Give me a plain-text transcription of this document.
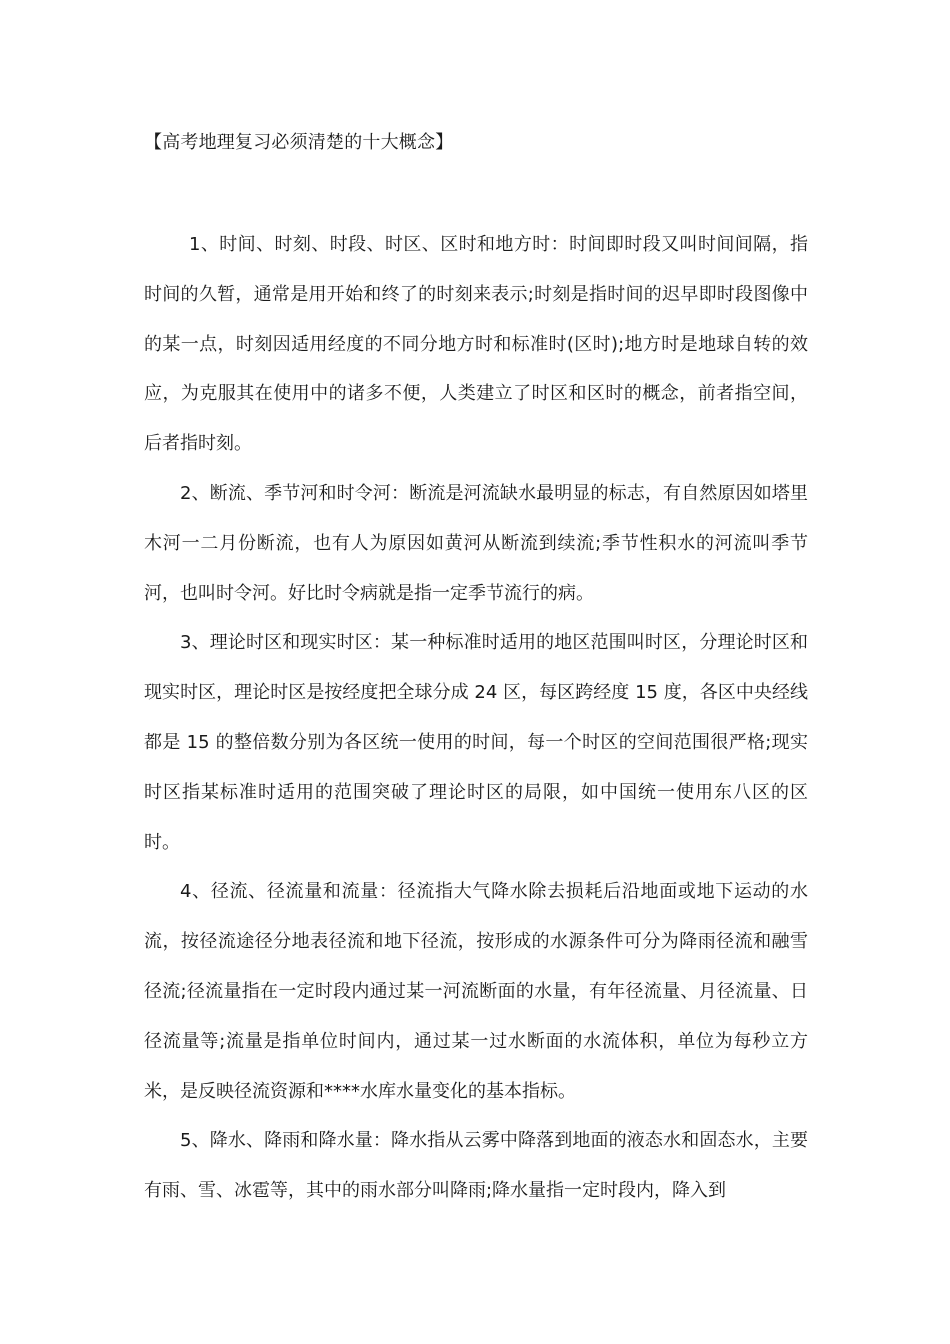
【高考地理复习必须清楚的十大概念】

1、时间、时刻、时段、时区、区时和地方时：时间即时段又叫时间间隔，指时间的久暂，通常是用开始和终了的时刻来表示;时刻是指时间的迟早即时段图像中的某一点，时刻因适用经度的不同分地方时和标准时(区时);地方时是地球自转的效应，为克服其在使用中的诸多不便，人类建立了时区和区时的概念，前者指空间，后者指时刻。

2、断流、季节河和时令河：断流是河流缺水最明显的标志，有自然原因如塔里木河一二月份断流，也有人为原因如黄河从断流到续流;季节性积水的河流叫季节河，也叫时令河。好比时令病就是指一定季节流行的病。

3、理论时区和现实时区：某一种标准时适用的地区范围叫时区，分理论时区和现实时区，理论时区是按经度把全球分成 24 区，每区跨经度 15 度，各区中央经线都是 15 的整倍数分别为各区统一使用的时间，每一个时区的空间范围很严格;现实时区指某标准时适用的范围突破了理论时区的局限，如中国统一使用东八区的区时。

4、径流、径流量和流量：径流指大气降水除去损耗后沿地面或地下运动的水流，按径流途径分地表径流和地下径流，按形成的水源条件可分为降雨径流和融雪径流;径流量指在一定时段内通过某一河流断面的水量，有年径流量、月径流量、日径流量等;流量是指单位时间内，通过某一过水断面的水流体积，单位为每秒立方米，是反映径流资源和****水库水量变化的基本指标。

5、降水、降雨和降水量：降水指从云雾中降落到地面的液态水和固态水，主要有雨、雪、冰雹等，其中的雨水部分叫降雨;降水量指一定时段内，降入到
